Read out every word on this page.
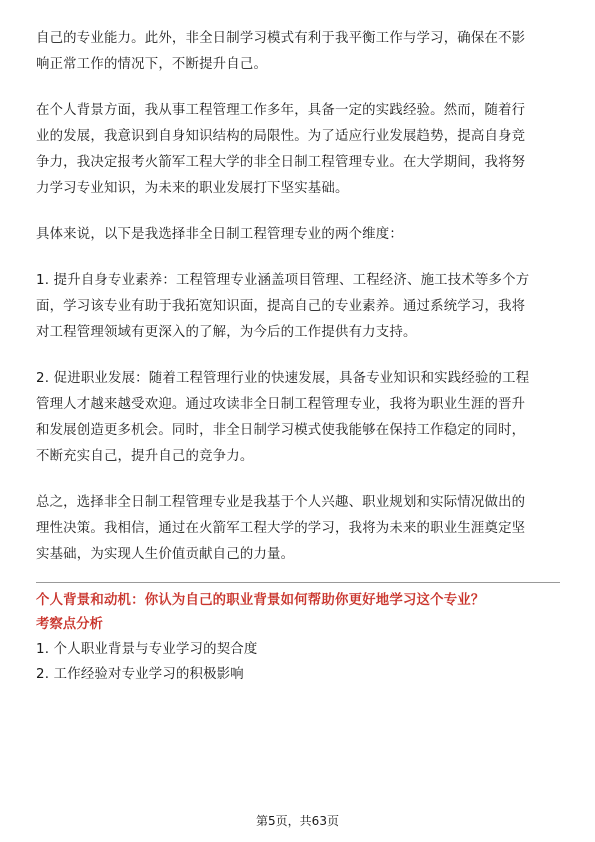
自己的专业能力。此外，非全日制学习模式有利于我平衡工作与学习，确保在不影
响正常工作的情况下，不断提升自己。

在个人背景方面，我从事工程管理工作多年，具备一定的实践经验。然而，随着行
业的发展，我意识到自身知识结构的局限性。为了适应行业发展趋势，提高自身竞
争力，我决定报考火箭军工程大学的非全日制工程管理专业。在大学期间，我将努
力学习专业知识，为未来的职业发展打下坚实基础。

具体来说，以下是我选择非全日制工程管理专业的两个维度：

1. 提升自身专业素养：工程管理专业涵盖项目管理、工程经济、施工技术等多个方
面，学习该专业有助于我拓宽知识面，提高自己的专业素养。通过系统学习，我将
对工程管理领域有更深入的了解，为今后的工作提供有力支持。

2. 促进职业发展：随着工程管理行业的快速发展，具备专业知识和实践经验的工程
管理人才越来越受欢迎。通过攻读非全日制工程管理专业，我将为职业生涯的晋升
和发展创造更多机会。同时，非全日制学习模式使我能够在保持工作稳定的同时，
不断充实自己，提升自己的竞争力。

总之，选择非全日制工程管理专业是我基于个人兴趣、职业规划和实际情况做出的
理性决策。我相信，通过在火箭军工程大学的学习，我将为未来的职业生涯奠定坚
实基础，为实现人生价值贡献自己的力量。

个人背景和动机：你认为自己的职业背景如何帮助你更好地学习这个专业？

考察点分析

1. 个人职业背景与专业学习的契合度
2. 工作经验对专业学习的积极影响
第5页，共63页
